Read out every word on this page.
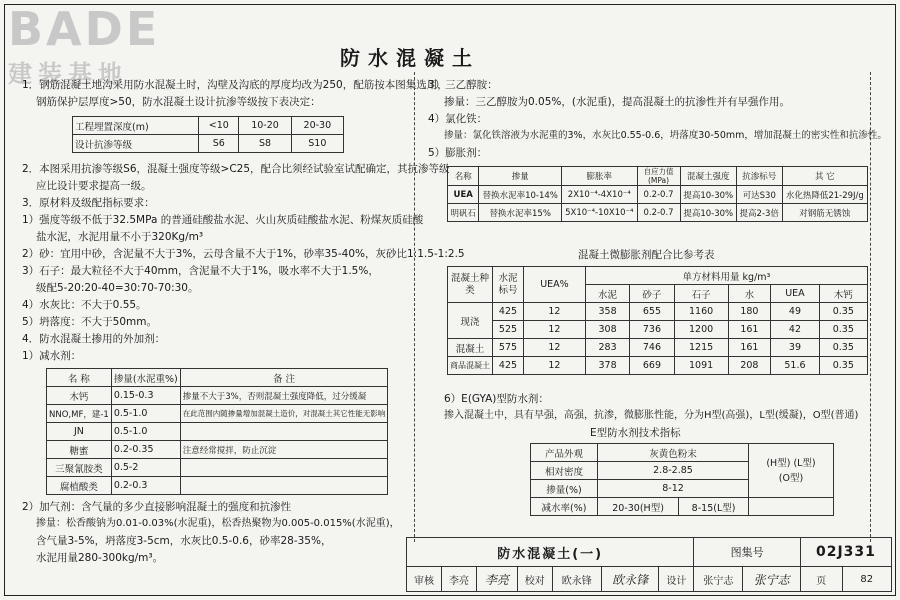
BADE
建装基地
防水混凝土
1．钢筋混凝土地沟采用防水混凝土时，沟壁及沟底的厚度均改为250，配筋按本图集选用，
钢筋保护层厚度>50，防水混凝土设计抗渗等级按下表决定：
工程埋置深度(m)	<10	10-20	20-30
设计抗渗等级	S6	S8	S10
2．本图采用抗渗等级S6，混凝土强度等级>C25，配合比须经试验室试配确定，其抗渗等级
应比设计要求提高一级。
3．原材料及级配指标要求：
1）强度等级不低于32.5MPa 的普通硅酸盐水泥、火山灰质硅酸盐水泥、粉煤灰质硅酸
盐水泥，水泥用量不小于320Kg/m³
2）砂：宜用中砂，含泥量不大于3%，云母含量不大于1%，砂率35-40%，灰砂比1:1.5-1:2.5
3）石子：最大粒径不大于40mm，含泥量不大于1%，吸水率不大于1.5%，
级配5-20:20-40=30:70-70:30。
4）水灰比：不大于0.55。
5）坍落度：不大于50mm。
4．防水混凝土掺用的外加剂：
1）减水剂：
名 称	掺量(水泥重%)	备 注
木钙	0.15-0.3	掺量不大于3%，否则混凝土强度降低，过分缓凝
NNO,MF，建-1	0.5-1.0	在此范围内随掺量增加混凝土造价，对混凝土其它性能无影响
JN	0.5-1.0	
糖蜜	0.2-0.35	注意经常搅拌，防止沉淀
三聚氰胺类	0.5-2	
腐植酸类	0.2-0.3	
2）加气剂：含气量的多少直接影响混凝土的强度和抗渗性
掺量：松香酸钠为0.01-0.03%(水泥重)，松香热聚物为0.005-0.015%(水泥重)，
含气量3-5%，坍落度3-5cm，水灰比0.5-0.6，砂率28-35%，
水泥用量280-300kg/m³。
3）三乙醇胺：
掺量：三乙醇胺为0.05%，(水泥重)，提高混凝土的抗渗性并有早强作用。
4）氯化铁：
掺量：氯化铁溶液为水泥重的3%，水灰比0.55-0.6，坍落度30-50mm，增加混凝土的密实性和抗渗性。
5）膨胀剂：
名称	掺量	膨胀率	自应力值(MPa)	混凝土强度	抗渗标号	其 它
UEA	替换水泥率10-14%	2X10⁻⁴-4X10⁻⁴	0.2-0.7	提高10-30%	可达S30	水化热降低21-29J/g
明矾石	替换水泥率15%	5X10⁻⁴-10X10⁻⁴	0.2-0.7	提高10-30%	提高2-3倍	对钢筋无锈蚀
混凝土微膨胀剂配合比参考表
混凝土种类	水泥标号	UEA%	单方材料用量 kg/m³					
			水泥	砂子	石子	水	UEA	木钙
现浇	425	12	358	655	1160	180	49	0.35
	525	12	308	736	1200	161	42	0.35
混凝土	575	12	283	746	1215	161	39	0.35
商品混凝土	425	12	378	669	1091	208	51.6	0.35
6）E(GYA)型防水剂：
掺入混凝土中，具有早强，高强，抗渗，微膨胀性能，分为H型(高强)，L型(缓凝)，O型(普通)
E型防水剂技术指标
产品外观	灰黄色粉末		(H型) (L型)
(O型)
相对密度	2.8-2.85		
掺量(%)	8-12		
减水率(%)	20-30(H型)	8-15(L型)	
防水混凝土(一)							图集号		02J331	
审核	李亮	李亮	校对	欧永锋	欧永锋	设计	张宁志	张宁志	页	82
